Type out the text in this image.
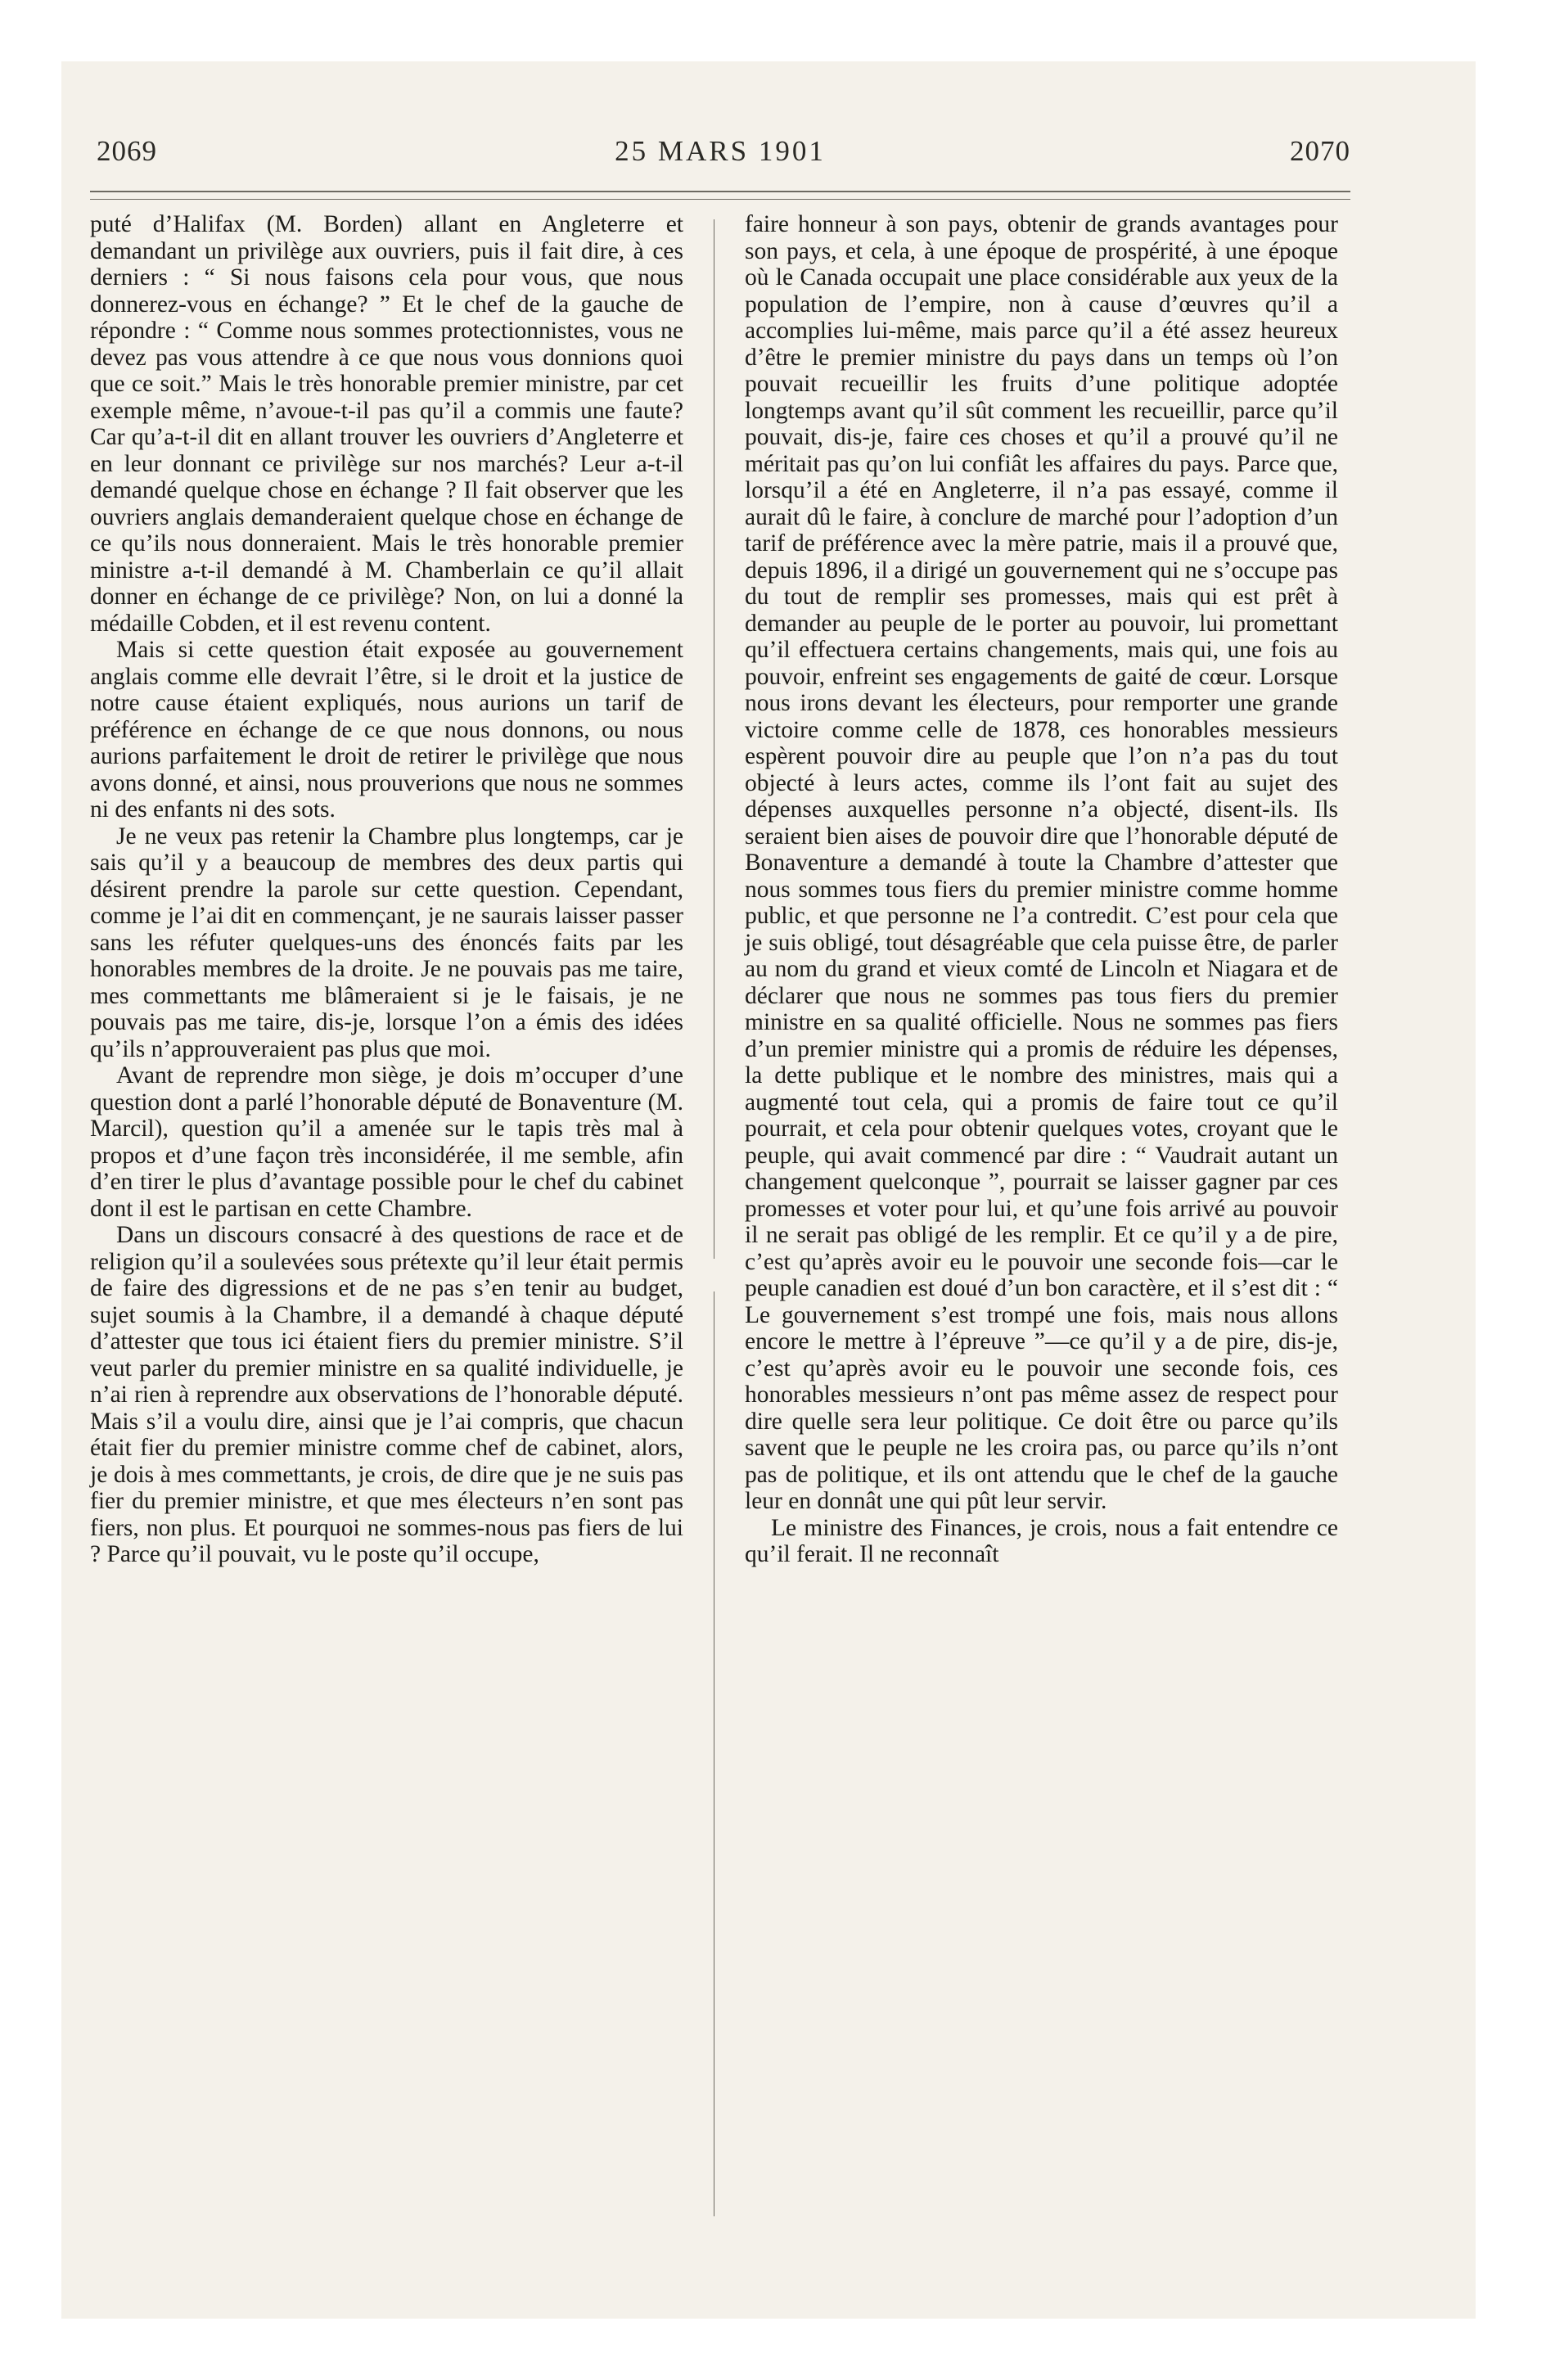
2069	25 MARS 1901	2070

puté d’Halifax (M. Borden) allant en Angleterre et demandant un privilège aux ouvriers, puis il fait dire, à ces derniers : “ Si nous faisons cela pour vous, que nous donnerez-vous en échange? ” Et le chef de la gauche de répondre : “ Comme nous sommes protectionnistes, vous ne devez pas vous attendre à ce que nous vous donnions quoi que ce soit.” Mais le très honorable premier ministre, par cet exemple même, n’avoue-t-il pas qu’il a commis une faute? Car qu’a-t-il dit en allant trouver les ouvriers d’Angleterre et en leur donnant ce privilège sur nos marchés? Leur a-t-il demandé quelque chose en échange ? Il fait observer que les ouvriers anglais demanderaient quelque chose en échange de ce qu’ils nous donneraient. Mais le très honorable premier ministre a-t-il demandé à M. Chamberlain ce qu’il allait donner en échange de ce privilège? Non, on lui a donné la médaille Cobden, et il est revenu content.

Mais si cette question était exposée au gouvernement anglais comme elle devrait l’être, si le droit et la justice de notre cause étaient expliqués, nous aurions un tarif de préférence en échange de ce que nous donnons, ou nous aurions parfaitement le droit de retirer le privilège que nous avons donné, et ainsi, nous prouverions que nous ne sommes ni des enfants ni des sots.

Je ne veux pas retenir la Chambre plus longtemps, car je sais qu’il y a beaucoup de membres des deux partis qui désirent prendre la parole sur cette question. Cependant, comme je l’ai dit en commençant, je ne saurais laisser passer sans les réfuter quelques-uns des énoncés faits par les honorables membres de la droite. Je ne pouvais pas me taire, mes commettants me blâmeraient si je le faisais, je ne pouvais pas me taire, dis-je, lorsque l’on a émis des idées qu’ils n’approuveraient pas plus que moi.

Avant de reprendre mon siège, je dois m’occuper d’une question dont a parlé l’honorable député de Bonaventure (M. Marcil), question qu’il a amenée sur le tapis très mal à propos et d’une façon très inconsidérée, il me semble, afin d’en tirer le plus d’avantage possible pour le chef du cabinet dont il est le partisan en cette Chambre.

Dans un discours consacré à des questions de race et de religion qu’il a soulevées sous prétexte qu’il leur était permis de faire des digressions et de ne pas s’en tenir au budget, sujet soumis à la Chambre, il a demandé à chaque député d’attester que tous ici étaient fiers du premier ministre. S’il veut parler du premier ministre en sa qualité individuelle, je n’ai rien à reprendre aux observations de l’honorable député. Mais s’il a voulu dire, ainsi que je l’ai compris, que chacun était fier du premier ministre comme chef de cabinet, alors, je dois à mes commettants, je crois, de dire que je ne suis pas fier du premier ministre, et que mes électeurs n’en sont pas fiers, non plus. Et pourquoi ne sommes-nous pas fiers de lui ? Parce qu’il pouvait, vu le poste qu’il occupe,

faire honneur à son pays, obtenir de grands avantages pour son pays, et cela, à une époque de prospérité, à une époque où le Canada occupait une place considérable aux yeux de la population de l’empire, non à cause d’œuvres qu’il a accomplies lui-même, mais parce qu’il a été assez heureux d’être le premier ministre du pays dans un temps où l’on pouvait recueillir les fruits d’une politique adoptée longtemps avant qu’il sût comment les recueillir, parce qu’il pouvait, dis-je, faire ces choses et qu’il a prouvé qu’il ne méritait pas qu’on lui confiât les affaires du pays. Parce que, lorsqu’il a été en Angleterre, il n’a pas essayé, comme il aurait dû le faire, à conclure de marché pour l’adoption d’un tarif de préférence avec la mère patrie, mais il a prouvé que, depuis 1896, il a dirigé un gouvernement qui ne s’occupe pas du tout de remplir ses promesses, mais qui est prêt à demander au peuple de le porter au pouvoir, lui promettant qu’il effectuera certains changements, mais qui, une fois au pouvoir, enfreint ses engagements de gaité de cœur. Lorsque nous irons devant les électeurs, pour remporter une grande victoire comme celle de 1878, ces honorables messieurs espèrent pouvoir dire au peuple que l’on n’a pas du tout objecté à leurs actes, comme ils l’ont fait au sujet des dépenses auxquelles personne n’a objecté, disent-ils. Ils seraient bien aises de pouvoir dire que l’honorable député de Bonaventure a demandé à toute la Chambre d’attester que nous sommes tous fiers du premier ministre comme homme public, et que personne ne l’a contredit. C’est pour cela que je suis obligé, tout désagréable que cela puisse être, de parler au nom du grand et vieux comté de Lincoln et Niagara et de déclarer que nous ne sommes pas tous fiers du premier ministre en sa qualité officielle. Nous ne sommes pas fiers d’un premier ministre qui a promis de réduire les dépenses, la dette publique et le nombre des ministres, mais qui a augmenté tout cela, qui a promis de faire tout ce qu’il pourrait, et cela pour obtenir quelques votes, croyant que le peuple, qui avait commencé par dire : “ Vaudrait autant un changement quelconque ”, pourrait se laisser gagner par ces promesses et voter pour lui, et qu’une fois arrivé au pouvoir il ne serait pas obligé de les remplir. Et ce qu’il y a de pire, c’est qu’après avoir eu le pouvoir une seconde fois—car le peuple canadien est doué d’un bon caractère, et il s’est dit : “ Le gouvernement s’est trompé une fois, mais nous allons encore le mettre à l’épreuve ”—ce qu’il y a de pire, dis-je, c’est qu’après avoir eu le pouvoir une seconde fois, ces honorables messieurs n’ont pas même assez de respect pour dire quelle sera leur politique. Ce doit être ou parce qu’ils savent que le peuple ne les croira pas, ou parce qu’ils n’ont pas de politique, et ils ont attendu que le chef de la gauche leur en donnât une qui pût leur servir.

Le ministre des Finances, je crois, nous a fait entendre ce qu’il ferait. Il ne reconnaît
